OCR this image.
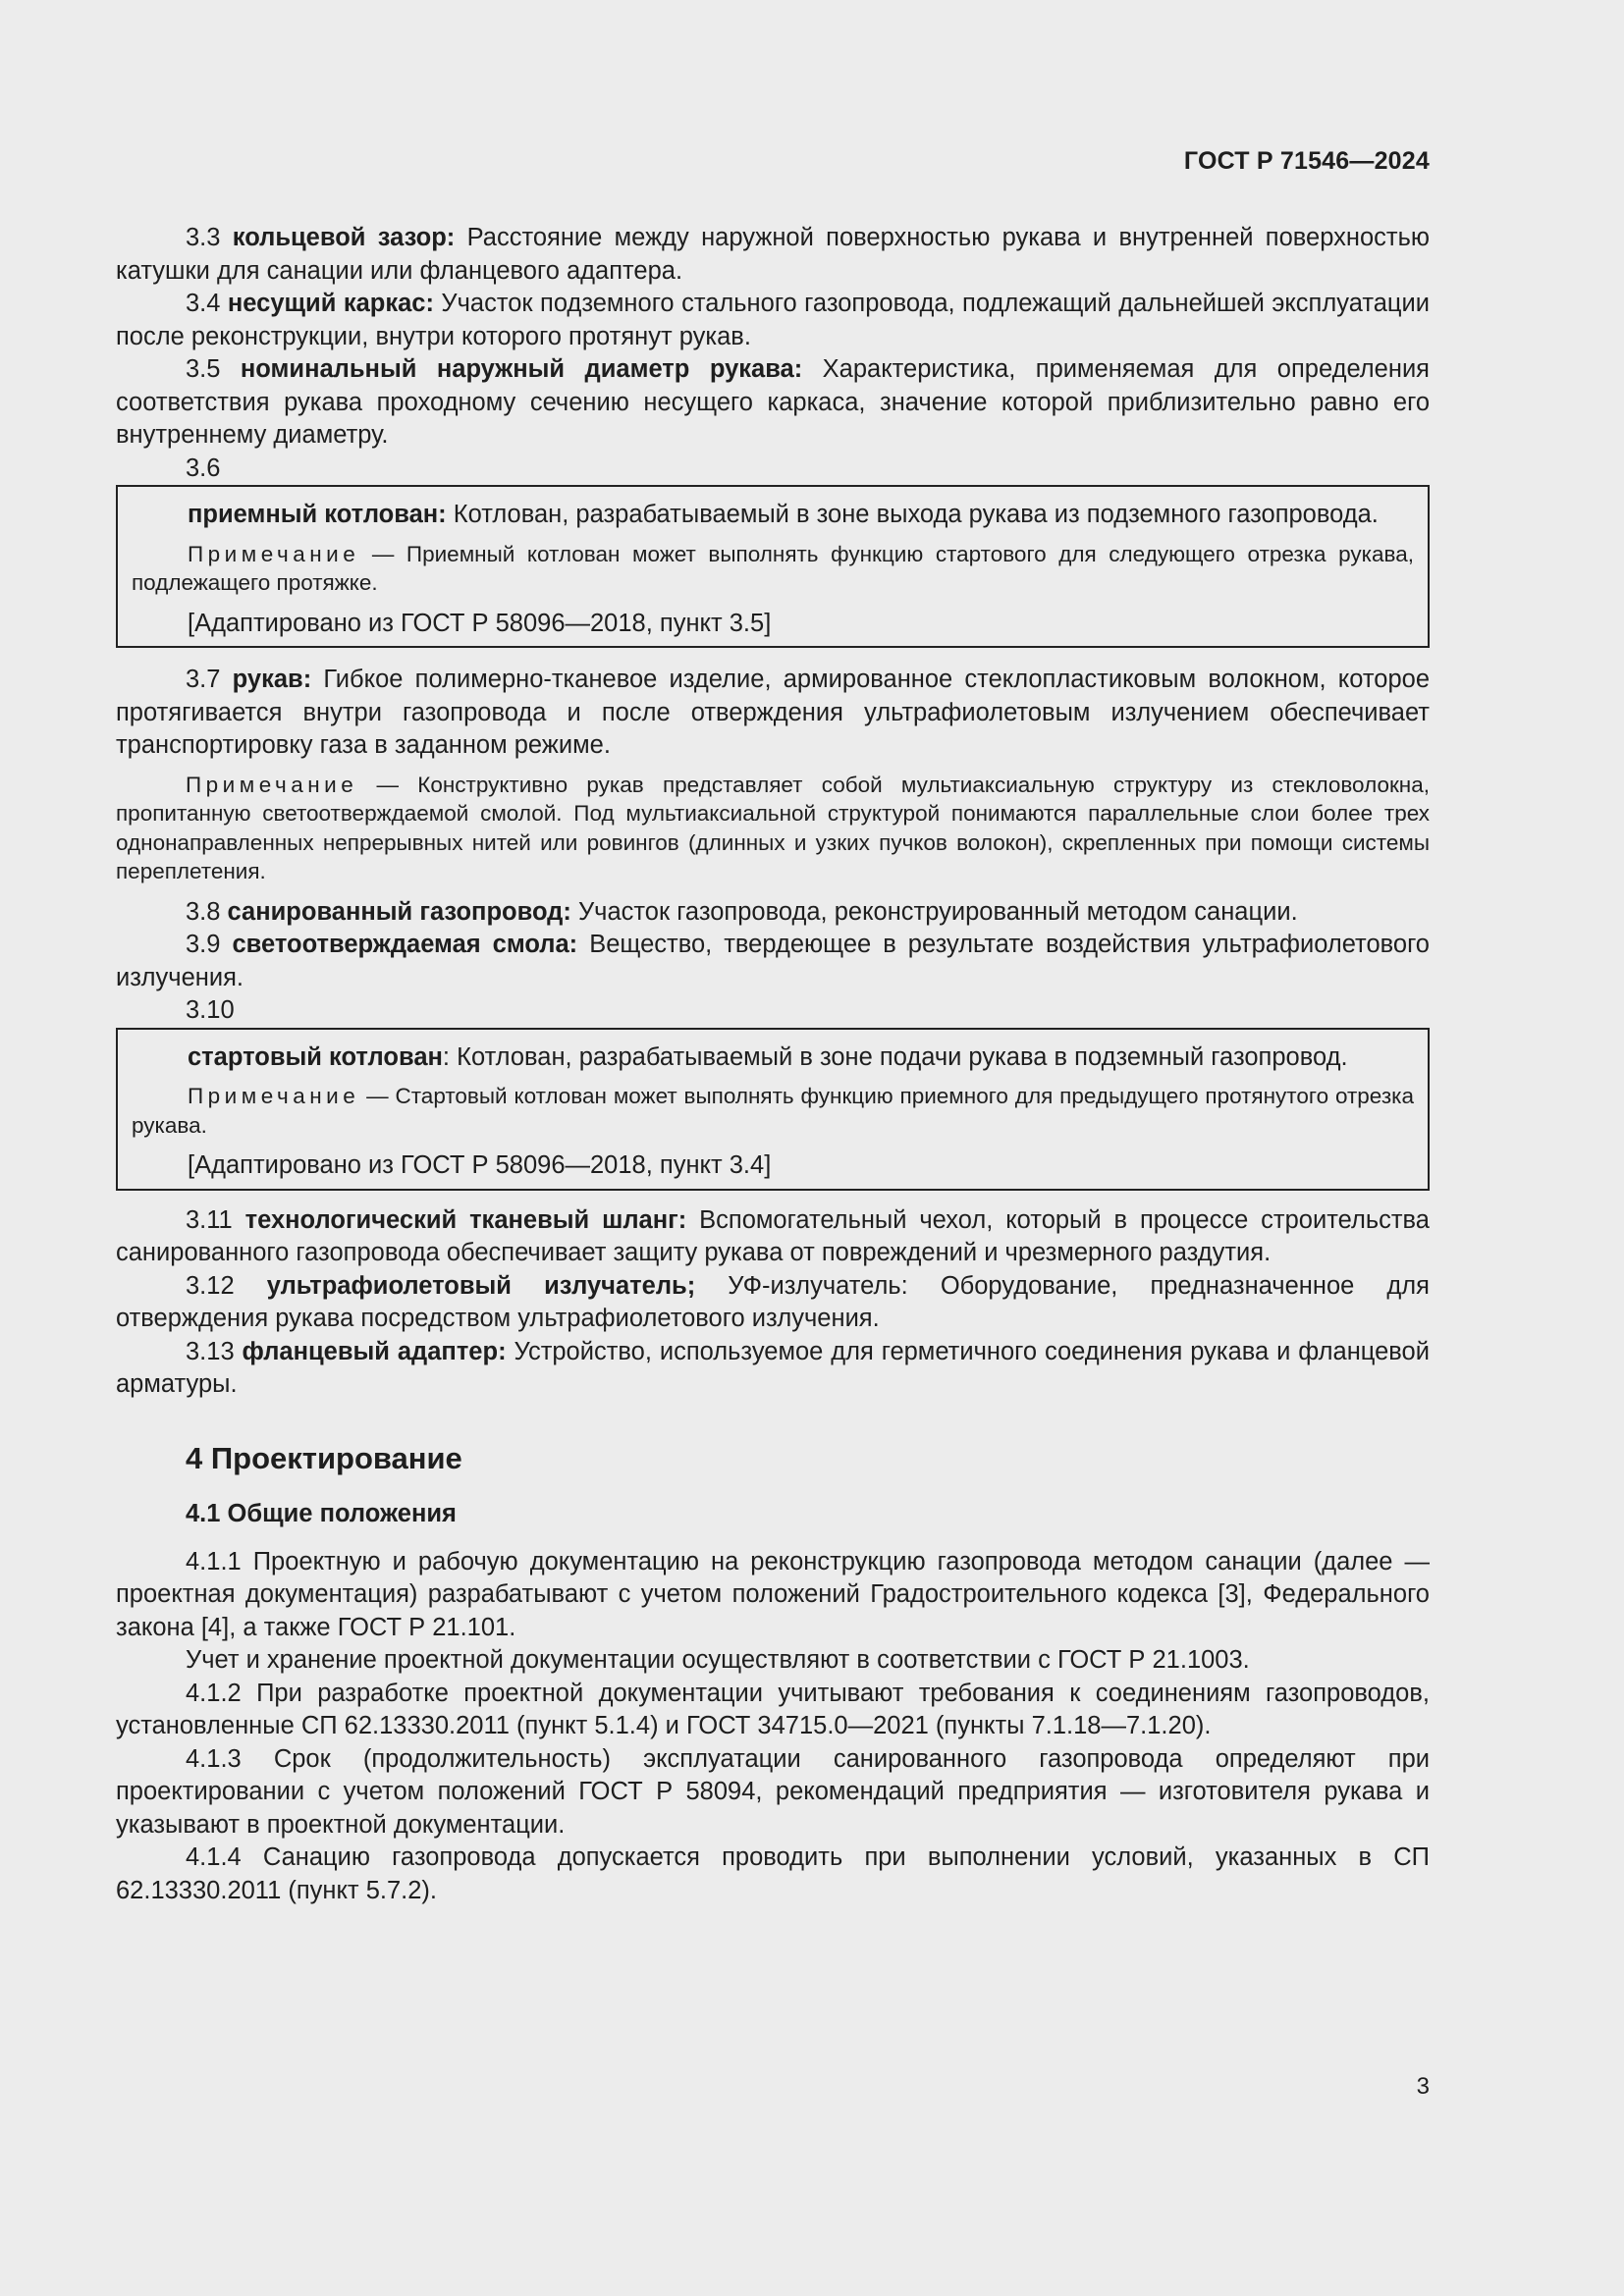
ГОСТ Р 71546—2024

3.3 кольцевой зазор: Расстояние между наружной поверхностью рукава и внутренней поверхностью катушки для санации или фланцевого адаптера.

3.4 несущий каркас: Участок подземного стального газопровода, подлежащий дальнейшей эксплуатации после реконструкции, внутри которого протянут рукав.

3.5 номинальный наружный диаметр рукава: Характеристика, применяемая для определения соответствия рукава проходному сечению несущего каркаса, значение которой приблизительно равно его внутреннему диаметру.

3.6

приемный котлован: Котлован, разрабатываемый в зоне выхода рукава из подземного газопровода.

Примечание — Приемный котлован может выполнять функцию стартового для следующего отрезка рукава, подлежащего протяжке.

[Адаптировано из ГОСТ Р 58096—2018, пункт 3.5]

3.7 рукав: Гибкое полимерно-тканевое изделие, армированное стеклопластиковым волокном, которое протягивается внутри газопровода и после отверждения ультрафиолетовым излучением обеспечивает транспортировку газа в заданном режиме.

Примечание — Конструктивно рукав представляет собой мультиаксиальную структуру из стекловолокна, пропитанную светоотверждаемой смолой. Под мультиаксиальной структурой понимаются параллельные слои более трех однонаправленных непрерывных нитей или ровингов (длинных и узких пучков волокон), скрепленных при помощи системы переплетения.

3.8 санированный газопровод: Участок газопровода, реконструированный методом санации.

3.9 светоотверждаемая смола: Вещество, твердеющее в результате воздействия ультрафиолетового излучения.

3.10

стартовый котлован: Котлован, разрабатываемый в зоне подачи рукава в подземный газопровод.

Примечание — Стартовый котлован может выполнять функцию приемного для предыдущего протянутого отрезка рукава.

[Адаптировано из ГОСТ Р 58096—2018, пункт 3.4]

3.11 технологический тканевый шланг: Вспомогательный чехол, который в процессе строительства санированного газопровода обеспечивает защиту рукава от повреждений и чрезмерного раздутия.

3.12 ультрафиолетовый излучатель; УФ-излучатель: Оборудование, предназначенное для отверждения рукава посредством ультрафиолетового излучения.

3.13 фланцевый адаптер: Устройство, используемое для герметичного соединения рукава и фланцевой арматуры.

4 Проектирование
4.1 Общие положения

4.1.1 Проектную и рабочую документацию на реконструкцию газопровода методом санации (далее — проектная документация) разрабатывают с учетом положений Градостроительного кодекса [3], Федерального закона [4], а также ГОСТ Р 21.101.

Учет и хранение проектной документации осуществляют в соответствии с ГОСТ Р 21.1003.

4.1.2 При разработке проектной документации учитывают требования к соединениям газопроводов, установленные СП 62.13330.2011 (пункт 5.1.4) и ГОСТ 34715.0—2021 (пункты 7.1.18—7.1.20).

4.1.3 Срок (продолжительность) эксплуатации санированного газопровода определяют при проектировании с учетом положений ГОСТ Р 58094, рекомендаций предприятия — изготовителя рукава и указывают в проектной документации.

4.1.4 Санацию газопровода допускается проводить при выполнении условий, указанных в СП 62.13330.2011 (пункт 5.7.2).

3
